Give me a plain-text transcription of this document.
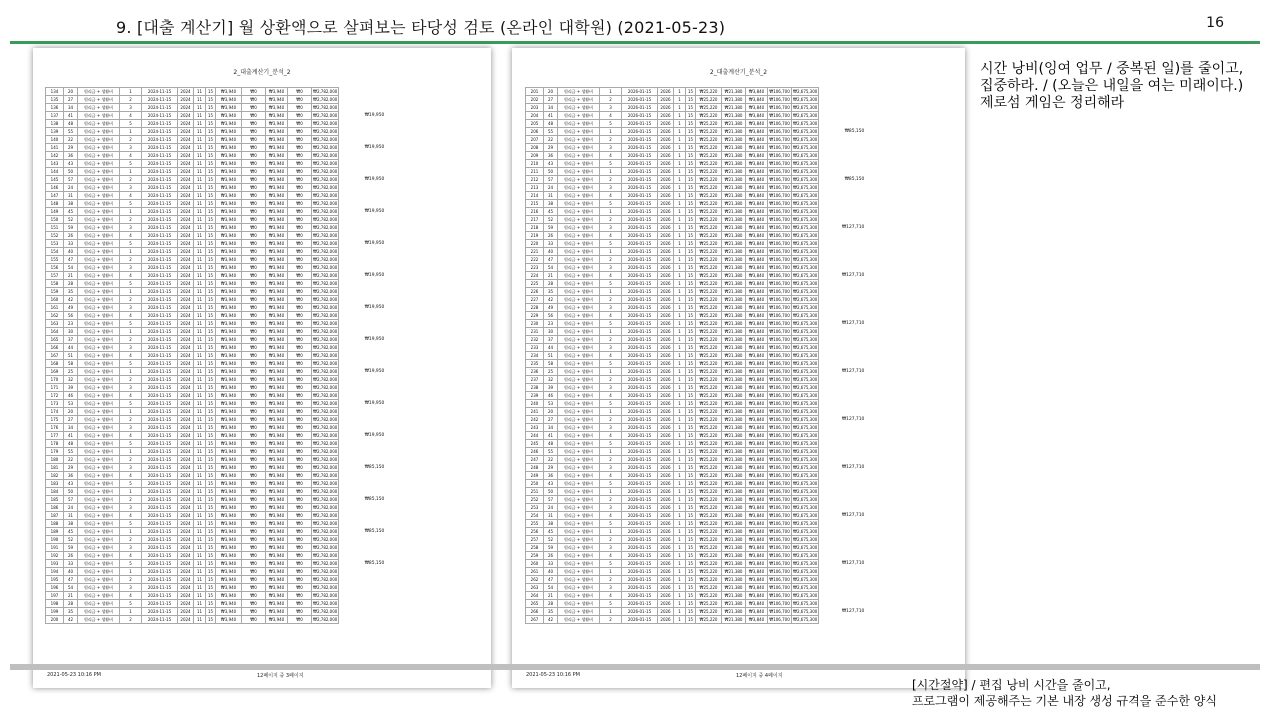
9. [대출 계산기] 월 상환액으로 살펴보는 타당성 검토 (온라인 대학원) (2021-05-23)	16
2_대출계산기_분석_2
134	20	원리금 + 생활비	1	2024-11-15	2024	11	15	₩3,940	₩0	₩3,940	₩0	₩2,782,000	
135	27	원리금 + 생활비	2	2024-11-15	2024	11	15	₩3,940	₩0	₩3,940	₩0	₩2,782,000	
136	34	원리금 + 생활비	3	2024-11-15	2024	11	15	₩3,940	₩0	₩3,940	₩0	₩2,782,000	
137	41	원리금 + 생활비	4	2024-11-15	2024	11	15	₩3,940	₩0	₩3,940	₩0	₩2,782,000	₩19,950
138	48	원리금 + 생활비	5	2024-11-15	2024	11	15	₩3,940	₩0	₩3,940	₩0	₩2,782,000	
139	55	원리금 + 생활비	1	2024-11-15	2024	11	15	₩3,940	₩0	₩3,940	₩0	₩2,782,000	
140	22	원리금 + 생활비	2	2024-11-15	2024	11	15	₩3,940	₩0	₩3,940	₩0	₩2,782,000	
141	29	원리금 + 생활비	3	2024-11-15	2024	11	15	₩3,940	₩0	₩3,940	₩0	₩2,782,000	₩19,950
142	36	원리금 + 생활비	4	2024-11-15	2024	11	15	₩3,940	₩0	₩3,940	₩0	₩2,782,000	
143	43	원리금 + 생활비	5	2024-11-15	2024	11	15	₩3,940	₩0	₩3,940	₩0	₩2,782,000	
144	50	원리금 + 생활비	1	2024-11-15	2024	11	15	₩3,940	₩0	₩3,940	₩0	₩2,782,000	
145	57	원리금 + 생활비	2	2024-11-15	2024	11	15	₩3,940	₩0	₩3,940	₩0	₩2,782,000	₩19,950
146	24	원리금 + 생활비	3	2024-11-15	2024	11	15	₩3,940	₩0	₩3,940	₩0	₩2,782,000	
147	31	원리금 + 생활비	4	2024-11-15	2024	11	15	₩3,940	₩0	₩3,940	₩0	₩2,782,000	
148	38	원리금 + 생활비	5	2024-11-15	2024	11	15	₩3,940	₩0	₩3,940	₩0	₩2,782,000	
149	45	원리금 + 생활비	1	2024-11-15	2024	11	15	₩3,940	₩0	₩3,940	₩0	₩2,782,000	₩19,950
150	52	원리금 + 생활비	2	2024-11-15	2024	11	15	₩3,940	₩0	₩3,940	₩0	₩2,782,000	
151	59	원리금 + 생활비	3	2024-11-15	2024	11	15	₩3,940	₩0	₩3,940	₩0	₩2,782,000	
152	26	원리금 + 생활비	4	2024-11-15	2024	11	15	₩3,940	₩0	₩3,940	₩0	₩2,782,000	
153	33	원리금 + 생활비	5	2024-11-15	2024	11	15	₩3,940	₩0	₩3,940	₩0	₩2,782,000	₩19,950
154	40	원리금 + 생활비	1	2024-11-15	2024	11	15	₩3,940	₩0	₩3,940	₩0	₩2,782,000	
155	47	원리금 + 생활비	2	2024-11-15	2024	11	15	₩3,940	₩0	₩3,940	₩0	₩2,782,000	
156	54	원리금 + 생활비	3	2024-11-15	2024	11	15	₩3,940	₩0	₩3,940	₩0	₩2,782,000	
157	21	원리금 + 생활비	4	2024-11-15	2024	11	15	₩3,940	₩0	₩3,940	₩0	₩2,782,000	₩19,950
158	28	원리금 + 생활비	5	2024-11-15	2024	11	15	₩3,940	₩0	₩3,940	₩0	₩2,782,000	
159	35	원리금 + 생활비	1	2024-11-15	2024	11	15	₩3,940	₩0	₩3,940	₩0	₩2,782,000	
160	42	원리금 + 생활비	2	2024-11-15	2024	11	15	₩3,940	₩0	₩3,940	₩0	₩2,782,000	
161	49	원리금 + 생활비	3	2024-11-15	2024	11	15	₩3,940	₩0	₩3,940	₩0	₩2,782,000	₩19,950
162	56	원리금 + 생활비	4	2024-11-15	2024	11	15	₩3,940	₩0	₩3,940	₩0	₩2,782,000	
163	23	원리금 + 생활비	5	2024-11-15	2024	11	15	₩3,940	₩0	₩3,940	₩0	₩2,782,000	
164	30	원리금 + 생활비	1	2024-11-15	2024	11	15	₩3,940	₩0	₩3,940	₩0	₩2,782,000	
165	37	원리금 + 생활비	2	2024-11-15	2024	11	15	₩3,940	₩0	₩3,940	₩0	₩2,782,000	₩19,950
166	44	원리금 + 생활비	3	2024-11-15	2024	11	15	₩3,940	₩0	₩3,940	₩0	₩2,782,000	
167	51	원리금 + 생활비	4	2024-11-15	2024	11	15	₩3,940	₩0	₩3,940	₩0	₩2,782,000	
168	58	원리금 + 생활비	5	2024-11-15	2024	11	15	₩3,940	₩0	₩3,940	₩0	₩2,782,000	
169	25	원리금 + 생활비	1	2024-11-15	2024	11	15	₩3,940	₩0	₩3,940	₩0	₩2,782,000	₩19,950
170	32	원리금 + 생활비	2	2024-11-15	2024	11	15	₩3,940	₩0	₩3,940	₩0	₩2,782,000	
171	39	원리금 + 생활비	3	2024-11-15	2024	11	15	₩3,940	₩0	₩3,940	₩0	₩2,782,000	
172	46	원리금 + 생활비	4	2024-11-15	2024	11	15	₩3,940	₩0	₩3,940	₩0	₩2,782,000	
173	53	원리금 + 생활비	5	2024-11-15	2024	11	15	₩3,940	₩0	₩3,940	₩0	₩2,782,000	₩19,950
174	20	원리금 + 생활비	1	2024-11-15	2024	11	15	₩3,940	₩0	₩3,940	₩0	₩2,782,000	
175	27	원리금 + 생활비	2	2024-11-15	2024	11	15	₩3,940	₩0	₩3,940	₩0	₩2,782,000	
176	34	원리금 + 생활비	3	2024-11-15	2024	11	15	₩3,940	₩0	₩3,940	₩0	₩2,782,000	
177	41	원리금 + 생활비	4	2024-11-15	2024	11	15	₩3,940	₩0	₩3,940	₩0	₩2,782,000	₩19,950
178	48	원리금 + 생활비	5	2024-11-15	2024	11	15	₩3,940	₩0	₩3,940	₩0	₩2,782,000	
179	55	원리금 + 생활비	1	2024-11-15	2024	11	15	₩3,940	₩0	₩3,940	₩0	₩2,782,000	
180	22	원리금 + 생활비	2	2024-11-15	2024	11	15	₩3,940	₩0	₩3,940	₩0	₩2,782,000	
181	29	원리금 + 생활비	3	2024-11-15	2024	11	15	₩3,940	₩0	₩3,940	₩0	₩2,782,000	₩85,150
182	36	원리금 + 생활비	4	2024-11-15	2024	11	15	₩3,940	₩0	₩3,940	₩0	₩2,782,000	
183	43	원리금 + 생활비	5	2024-11-15	2024	11	15	₩3,940	₩0	₩3,940	₩0	₩2,782,000	
184	50	원리금 + 생활비	1	2024-11-15	2024	11	15	₩3,940	₩0	₩3,940	₩0	₩2,782,000	
185	57	원리금 + 생활비	2	2024-11-15	2024	11	15	₩3,940	₩0	₩3,940	₩0	₩2,782,000	₩85,150
186	24	원리금 + 생활비	3	2024-11-15	2024	11	15	₩3,940	₩0	₩3,940	₩0	₩2,782,000	
187	31	원리금 + 생활비	4	2024-11-15	2024	11	15	₩3,940	₩0	₩3,940	₩0	₩2,782,000	
188	38	원리금 + 생활비	5	2024-11-15	2024	11	15	₩3,940	₩0	₩3,940	₩0	₩2,782,000	
189	45	원리금 + 생활비	1	2024-11-15	2024	11	15	₩3,940	₩0	₩3,940	₩0	₩2,782,000	₩85,150
190	52	원리금 + 생활비	2	2024-11-15	2024	11	15	₩3,940	₩0	₩3,940	₩0	₩2,782,000	
191	59	원리금 + 생활비	3	2024-11-15	2024	11	15	₩3,940	₩0	₩3,940	₩0	₩2,782,000	
192	26	원리금 + 생활비	4	2024-11-15	2024	11	15	₩3,940	₩0	₩3,940	₩0	₩2,782,000	
193	33	원리금 + 생활비	5	2024-11-15	2024	11	15	₩3,940	₩0	₩3,940	₩0	₩2,782,000	₩85,150
194	40	원리금 + 생활비	1	2024-11-15	2024	11	15	₩3,940	₩0	₩3,940	₩0	₩2,782,000	
195	47	원리금 + 생활비	2	2024-11-15	2024	11	15	₩3,940	₩0	₩3,940	₩0	₩2,782,000	
196	54	원리금 + 생활비	3	2024-11-15	2024	11	15	₩3,940	₩0	₩3,940	₩0	₩2,782,000	
197	21	원리금 + 생활비	4	2024-11-15	2024	11	15	₩3,940	₩0	₩3,940	₩0	₩2,782,000	
198	28	원리금 + 생활비	5	2024-11-15	2024	11	15	₩3,940	₩0	₩3,940	₩0	₩2,782,000	
199	35	원리금 + 생활비	1	2024-11-15	2024	11	15	₩3,940	₩0	₩3,940	₩0	₩2,782,000	
200	42	원리금 + 생활비	2	2024-11-15	2024	11	15	₩3,940	₩0	₩3,940	₩0	₩2,782,000	
2021-05-23 10:16 PM	12페이지 중 3페이지
2_대출계산기_분석_2
201	20	원리금 + 생활비	1	2026-01-15	2026	1	15	₩25,220	₩21,380	₩3,840	₩106,700	₩2,675,300	
202	27	원리금 + 생활비	2	2026-01-15	2026	1	15	₩25,220	₩21,380	₩3,840	₩106,700	₩2,675,300	
203	34	원리금 + 생활비	3	2026-01-15	2026	1	15	₩25,220	₩21,380	₩3,840	₩106,700	₩2,675,300	
204	41	원리금 + 생활비	4	2026-01-15	2026	1	15	₩25,220	₩21,380	₩3,840	₩106,700	₩2,675,300	
205	48	원리금 + 생활비	5	2026-01-15	2026	1	15	₩25,220	₩21,380	₩3,840	₩106,700	₩2,675,300	
206	55	원리금 + 생활비	1	2026-01-15	2026	1	15	₩25,220	₩21,380	₩3,840	₩106,700	₩2,675,300	₩85,150
207	22	원리금 + 생활비	2	2026-01-15	2026	1	15	₩25,220	₩21,380	₩3,840	₩106,700	₩2,675,300	
208	29	원리금 + 생활비	3	2026-01-15	2026	1	15	₩25,220	₩21,380	₩3,840	₩106,700	₩2,675,300	
209	36	원리금 + 생활비	4	2026-01-15	2026	1	15	₩25,220	₩21,380	₩3,840	₩106,700	₩2,675,300	
210	43	원리금 + 생활비	5	2026-01-15	2026	1	15	₩25,220	₩21,380	₩3,840	₩106,700	₩2,675,300	
211	50	원리금 + 생활비	1	2026-01-15	2026	1	15	₩25,220	₩21,380	₩3,840	₩106,700	₩2,675,300	
212	57	원리금 + 생활비	2	2026-01-15	2026	1	15	₩25,220	₩21,380	₩3,840	₩106,700	₩2,675,300	₩85,150
213	24	원리금 + 생활비	3	2026-01-15	2026	1	15	₩25,220	₩21,380	₩3,840	₩106,700	₩2,675,300	
214	31	원리금 + 생활비	4	2026-01-15	2026	1	15	₩25,220	₩21,380	₩3,840	₩106,700	₩2,675,300	
215	38	원리금 + 생활비	5	2026-01-15	2026	1	15	₩25,220	₩21,380	₩3,840	₩106,700	₩2,675,300	
216	45	원리금 + 생활비	1	2026-01-15	2026	1	15	₩25,220	₩21,380	₩3,840	₩106,700	₩2,675,300	
217	52	원리금 + 생활비	2	2026-01-15	2026	1	15	₩25,220	₩21,380	₩3,840	₩106,700	₩2,675,300	
218	59	원리금 + 생활비	3	2026-01-15	2026	1	15	₩25,220	₩21,380	₩3,840	₩106,700	₩2,675,300	₩127,710
219	26	원리금 + 생활비	4	2026-01-15	2026	1	15	₩25,220	₩21,380	₩3,840	₩106,700	₩2,675,300	
220	33	원리금 + 생활비	5	2026-01-15	2026	1	15	₩25,220	₩21,380	₩3,840	₩106,700	₩2,675,300	
221	40	원리금 + 생활비	1	2026-01-15	2026	1	15	₩25,220	₩21,380	₩3,840	₩106,700	₩2,675,300	
222	47	원리금 + 생활비	2	2026-01-15	2026	1	15	₩25,220	₩21,380	₩3,840	₩106,700	₩2,675,300	
223	54	원리금 + 생활비	3	2026-01-15	2026	1	15	₩25,220	₩21,380	₩3,840	₩106,700	₩2,675,300	
224	21	원리금 + 생활비	4	2026-01-15	2026	1	15	₩25,220	₩21,380	₩3,840	₩106,700	₩2,675,300	₩127,710
225	28	원리금 + 생활비	5	2026-01-15	2026	1	15	₩25,220	₩21,380	₩3,840	₩106,700	₩2,675,300	
226	35	원리금 + 생활비	1	2026-01-15	2026	1	15	₩25,220	₩21,380	₩3,840	₩106,700	₩2,675,300	
227	42	원리금 + 생활비	2	2026-01-15	2026	1	15	₩25,220	₩21,380	₩3,840	₩106,700	₩2,675,300	
228	49	원리금 + 생활비	3	2026-01-15	2026	1	15	₩25,220	₩21,380	₩3,840	₩106,700	₩2,675,300	
229	56	원리금 + 생활비	4	2026-01-15	2026	1	15	₩25,220	₩21,380	₩3,840	₩106,700	₩2,675,300	
230	23	원리금 + 생활비	5	2026-01-15	2026	1	15	₩25,220	₩21,380	₩3,840	₩106,700	₩2,675,300	₩127,710
231	30	원리금 + 생활비	1	2026-01-15	2026	1	15	₩25,220	₩21,380	₩3,840	₩106,700	₩2,675,300	
232	37	원리금 + 생활비	2	2026-01-15	2026	1	15	₩25,220	₩21,380	₩3,840	₩106,700	₩2,675,300	
233	44	원리금 + 생활비	3	2026-01-15	2026	1	15	₩25,220	₩21,380	₩3,840	₩106,700	₩2,675,300	
234	51	원리금 + 생활비	4	2026-01-15	2026	1	15	₩25,220	₩21,380	₩3,840	₩106,700	₩2,675,300	
235	58	원리금 + 생활비	5	2026-01-15	2026	1	15	₩25,220	₩21,380	₩3,840	₩106,700	₩2,675,300	
236	25	원리금 + 생활비	1	2026-01-15	2026	1	15	₩25,220	₩21,380	₩3,840	₩106,700	₩2,675,300	₩127,710
237	32	원리금 + 생활비	2	2026-01-15	2026	1	15	₩25,220	₩21,380	₩3,840	₩106,700	₩2,675,300	
238	39	원리금 + 생활비	3	2026-01-15	2026	1	15	₩25,220	₩21,380	₩3,840	₩106,700	₩2,675,300	
239	46	원리금 + 생활비	4	2026-01-15	2026	1	15	₩25,220	₩21,380	₩3,840	₩106,700	₩2,675,300	
240	53	원리금 + 생활비	5	2026-01-15	2026	1	15	₩25,220	₩21,380	₩3,840	₩106,700	₩2,675,300	
241	20	원리금 + 생활비	1	2026-01-15	2026	1	15	₩25,220	₩21,380	₩3,840	₩106,700	₩2,675,300	
242	27	원리금 + 생활비	2	2026-01-15	2026	1	15	₩25,220	₩21,380	₩3,840	₩106,700	₩2,675,300	₩127,710
243	34	원리금 + 생활비	3	2026-01-15	2026	1	15	₩25,220	₩21,380	₩3,840	₩106,700	₩2,675,300	
244	41	원리금 + 생활비	4	2026-01-15	2026	1	15	₩25,220	₩21,380	₩3,840	₩106,700	₩2,675,300	
245	48	원리금 + 생활비	5	2026-01-15	2026	1	15	₩25,220	₩21,380	₩3,840	₩106,700	₩2,675,300	
246	55	원리금 + 생활비	1	2026-01-15	2026	1	15	₩25,220	₩21,380	₩3,840	₩106,700	₩2,675,300	
247	22	원리금 + 생활비	2	2026-01-15	2026	1	15	₩25,220	₩21,380	₩3,840	₩106,700	₩2,675,300	
248	29	원리금 + 생활비	3	2026-01-15	2026	1	15	₩25,220	₩21,380	₩3,840	₩106,700	₩2,675,300	₩127,710
249	36	원리금 + 생활비	4	2026-01-15	2026	1	15	₩25,220	₩21,380	₩3,840	₩106,700	₩2,675,300	
250	43	원리금 + 생활비	5	2026-01-15	2026	1	15	₩25,220	₩21,380	₩3,840	₩106,700	₩2,675,300	
251	50	원리금 + 생활비	1	2026-01-15	2026	1	15	₩25,220	₩21,380	₩3,840	₩106,700	₩2,675,300	
252	57	원리금 + 생활비	2	2026-01-15	2026	1	15	₩25,220	₩21,380	₩3,840	₩106,700	₩2,675,300	
253	24	원리금 + 생활비	3	2026-01-15	2026	1	15	₩25,220	₩21,380	₩3,840	₩106,700	₩2,675,300	
254	31	원리금 + 생활비	4	2026-01-15	2026	1	15	₩25,220	₩21,380	₩3,840	₩106,700	₩2,675,300	₩127,710
255	38	원리금 + 생활비	5	2026-01-15	2026	1	15	₩25,220	₩21,380	₩3,840	₩106,700	₩2,675,300	
256	45	원리금 + 생활비	1	2026-01-15	2026	1	15	₩25,220	₩21,380	₩3,840	₩106,700	₩2,675,300	
257	52	원리금 + 생활비	2	2026-01-15	2026	1	15	₩25,220	₩21,380	₩3,840	₩106,700	₩2,675,300	
258	59	원리금 + 생활비	3	2026-01-15	2026	1	15	₩25,220	₩21,380	₩3,840	₩106,700	₩2,675,300	
259	26	원리금 + 생활비	4	2026-01-15	2026	1	15	₩25,220	₩21,380	₩3,840	₩106,700	₩2,675,300	
260	33	원리금 + 생활비	5	2026-01-15	2026	1	15	₩25,220	₩21,380	₩3,840	₩106,700	₩2,675,300	₩127,710
261	40	원리금 + 생활비	1	2026-01-15	2026	1	15	₩25,220	₩21,380	₩3,840	₩106,700	₩2,675,300	
262	47	원리금 + 생활비	2	2026-01-15	2026	1	15	₩25,220	₩21,380	₩3,840	₩106,700	₩2,675,300	
263	54	원리금 + 생활비	3	2026-01-15	2026	1	15	₩25,220	₩21,380	₩3,840	₩106,700	₩2,675,300	
264	21	원리금 + 생활비	4	2026-01-15	2026	1	15	₩25,220	₩21,380	₩3,840	₩106,700	₩2,675,300	
265	28	원리금 + 생활비	5	2026-01-15	2026	1	15	₩25,220	₩21,380	₩3,840	₩106,700	₩2,675,300	
266	35	원리금 + 생활비	1	2026-01-15	2026	1	15	₩25,220	₩21,380	₩3,840	₩106,700	₩2,675,300	₩127,710
267	42	원리금 + 생활비	2	2026-01-15	2026	1	15	₩25,220	₩21,380	₩3,840	₩106,700	₩2,675,300	
2021-05-23 10:16 PM	12페이지 중 4페이지
시간 낭비(잉여 업무 / 중복된 일)를 줄이고,
집중하라. / (오늘은 내일을 여는 미래이다.)
제로섬 게임은 정리해라
[시간절약] / 편집 낭비 시간을 줄이고,
프로그램이 제공해주는 기본 내장 생성 규격을 준수한 양식
